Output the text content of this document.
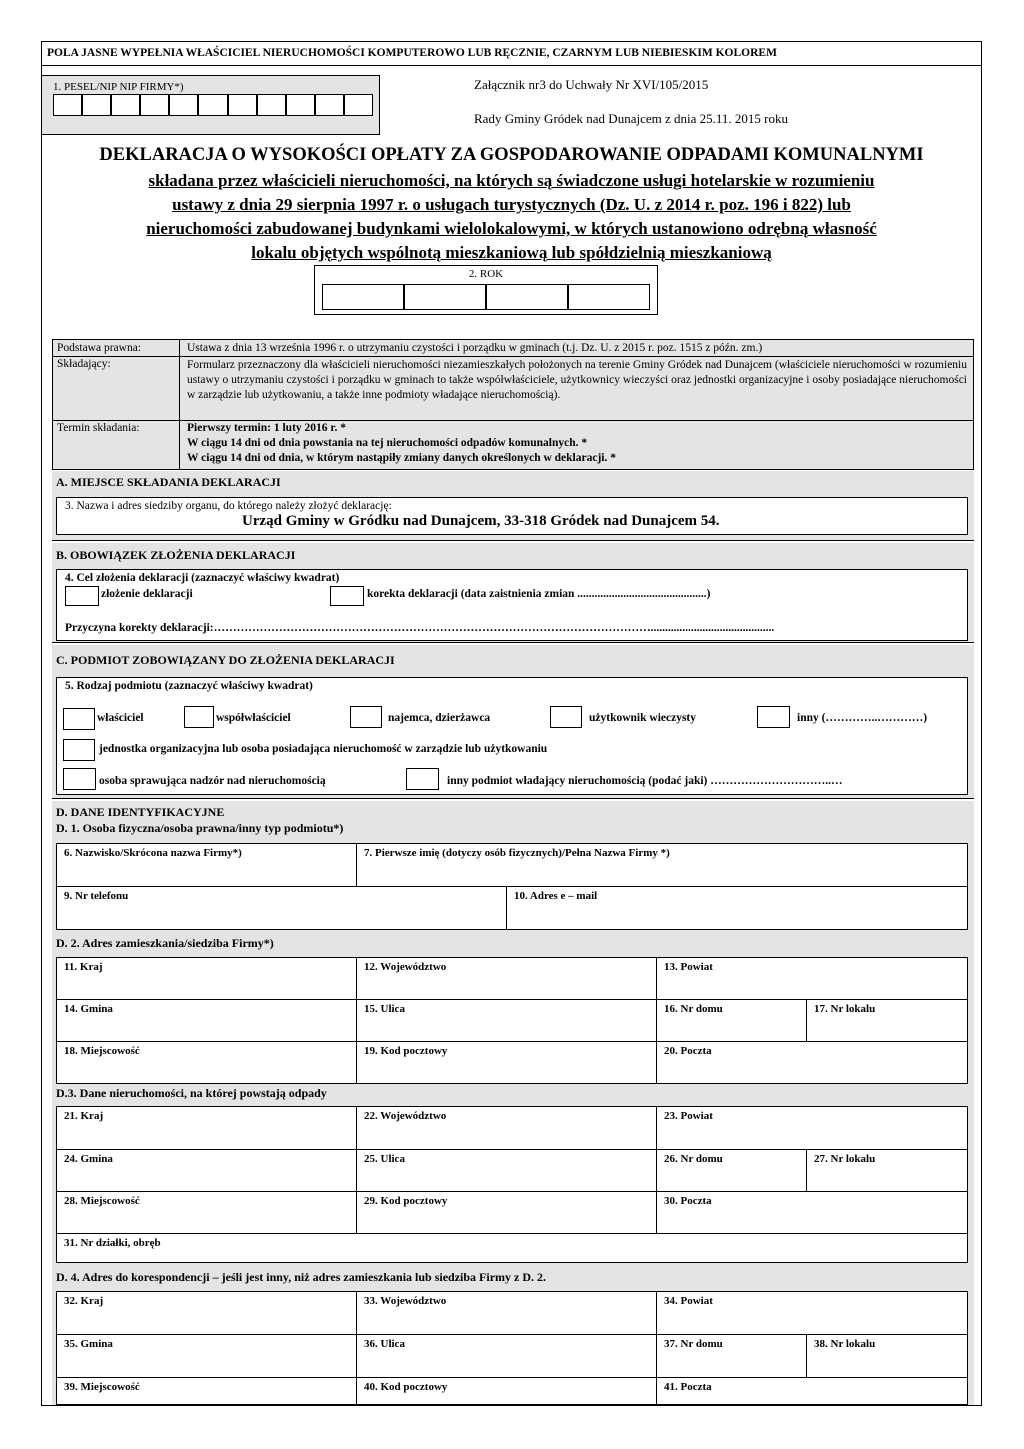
POLA JASNE WYPEŁNIA WŁAŚCICIEL NIERUCHOMOŚCI KOMPUTEROWO LUB RĘCZNIE, CZARNYM LUB NIEBIESKIM KOLOREM
1. PESEL/NIP NIP FIRMY*)	Załącznik nr3 do Uchwały Nr XVI/105/2015
Rady Gminy Gródek nad Dunajcem z dnia 25.11. 2015 roku
DEKLARACJA O WYSOKOŚCI OPŁATY ZA GOSPODAROWANIE ODPADAMI KOMUNALNYMI
składana przez właścicieli nieruchomości, na których są świadczone usługi hotelarskie w rozumieniu
ustawy z dnia 29 sierpnia 1997 r. o usługach turystycznych (Dz. U. z 2014 r. poz. 196 i 822) lub
nieruchomości zabudowanej budynkami wielolokalowymi, w których ustanowiono odrębną własność
lokalu objętych wspólnotą mieszkaniową lub spółdzielnią mieszkaniową
2. ROK
Podstawa prawna:	Ustawa z dnia 13 września 1996 r. o utrzymaniu czystości i porządku w gminach (t.j. Dz. U. z 2015 r. poz. 1515 z późn. zm.)
Składający:	Formularz przeznaczony dla właścicieli nieruchomości niezamieszkałych położonych na terenie Gminy Gródek nad Dunajcem (właściciele nieruchomości w rozumieniu ustawy o utrzymaniu czystości i porządku w gminach to także współwłaściciele, użytkownicy wieczyści oraz jednostki organizacyjne i osoby posiadające nieruchomości w zarządzie lub użytkowaniu, a także inne podmioty władające nieruchomością).
Termin składania:	Pierwszy termin: 1 luty 2016 r. *
W ciągu 14 dni od dnia powstania na tej nieruchomości odpadów komunalnych. *
W ciągu 14 dni od dnia, w którym nastąpiły zmiany danych określonych w deklaracji. *
A. MIEJSCE SKŁADANIA DEKLARACJI
3. Nazwa i adres siedziby organu, do którego należy złożyć deklarację:
Urząd Gminy w Gródku nad Dunajcem, 33-318 Gródek nad Dunajcem 54.
B. OBOWIĄZEK ZŁOŻENIA DEKLARACJI
4. Cel złożenia deklaracji (zaznaczyć właściwy kwadrat)
złożenie deklaracji	korekta deklaracji (data zaistnienia zmian .............................................)
Przyczyna korekty deklaracji:……………………………………………………………………………………………………...........................................
C. PODMIOT ZOBOWIĄZANY DO ZŁOŻENIA DEKLARACJI
5. Rodzaj podmiotu (zaznaczyć właściwy kwadrat)
właściciel	współwłaściciel	najemca, dzierżawca	użytkownik wieczysty	inny (…………..…………)
jednostka organizacyjna lub osoba posiadająca nieruchomość w zarządzie lub użytkowaniu
osoba sprawująca nadzór nad nieruchomością	inny podmiot władający nieruchomością (podać jaki) …………………………..…
D. DANE IDENTYFIKACYJNE
D. 1. Osoba fizyczna/osoba prawna/inny typ podmiotu*)
6. Nazwisko/Skrócona nazwa Firmy*)	7. Pierwsze imię (dotyczy osób fizycznych)/Pełna Nazwa Firmy *)
9. Nr telefonu	10. Adres e – mail
D. 2. Adres zamieszkania/siedziba Firmy*)
11. Kraj	12. Województwo	13. Powiat
14. Gmina	15. Ulica	16. Nr domu	17. Nr lokalu
18. Miejscowość	19. Kod pocztowy	20. Poczta
D.3. Dane nieruchomości, na której powstają odpady
21. Kraj	22. Województwo	23. Powiat
24. Gmina	25. Ulica	26. Nr domu	27. Nr lokalu
28. Miejscowość	29. Kod pocztowy	30. Poczta
31. Nr działki, obręb
D. 4. Adres do korespondencji – jeśli jest inny, niż adres zamieszkania lub siedziba Firmy z D. 2.
32. Kraj	33. Województwo	34. Powiat
35. Gmina	36. Ulica	37. Nr domu	38. Nr lokalu
39. Miejscowość	40. Kod pocztowy	41. Poczta
